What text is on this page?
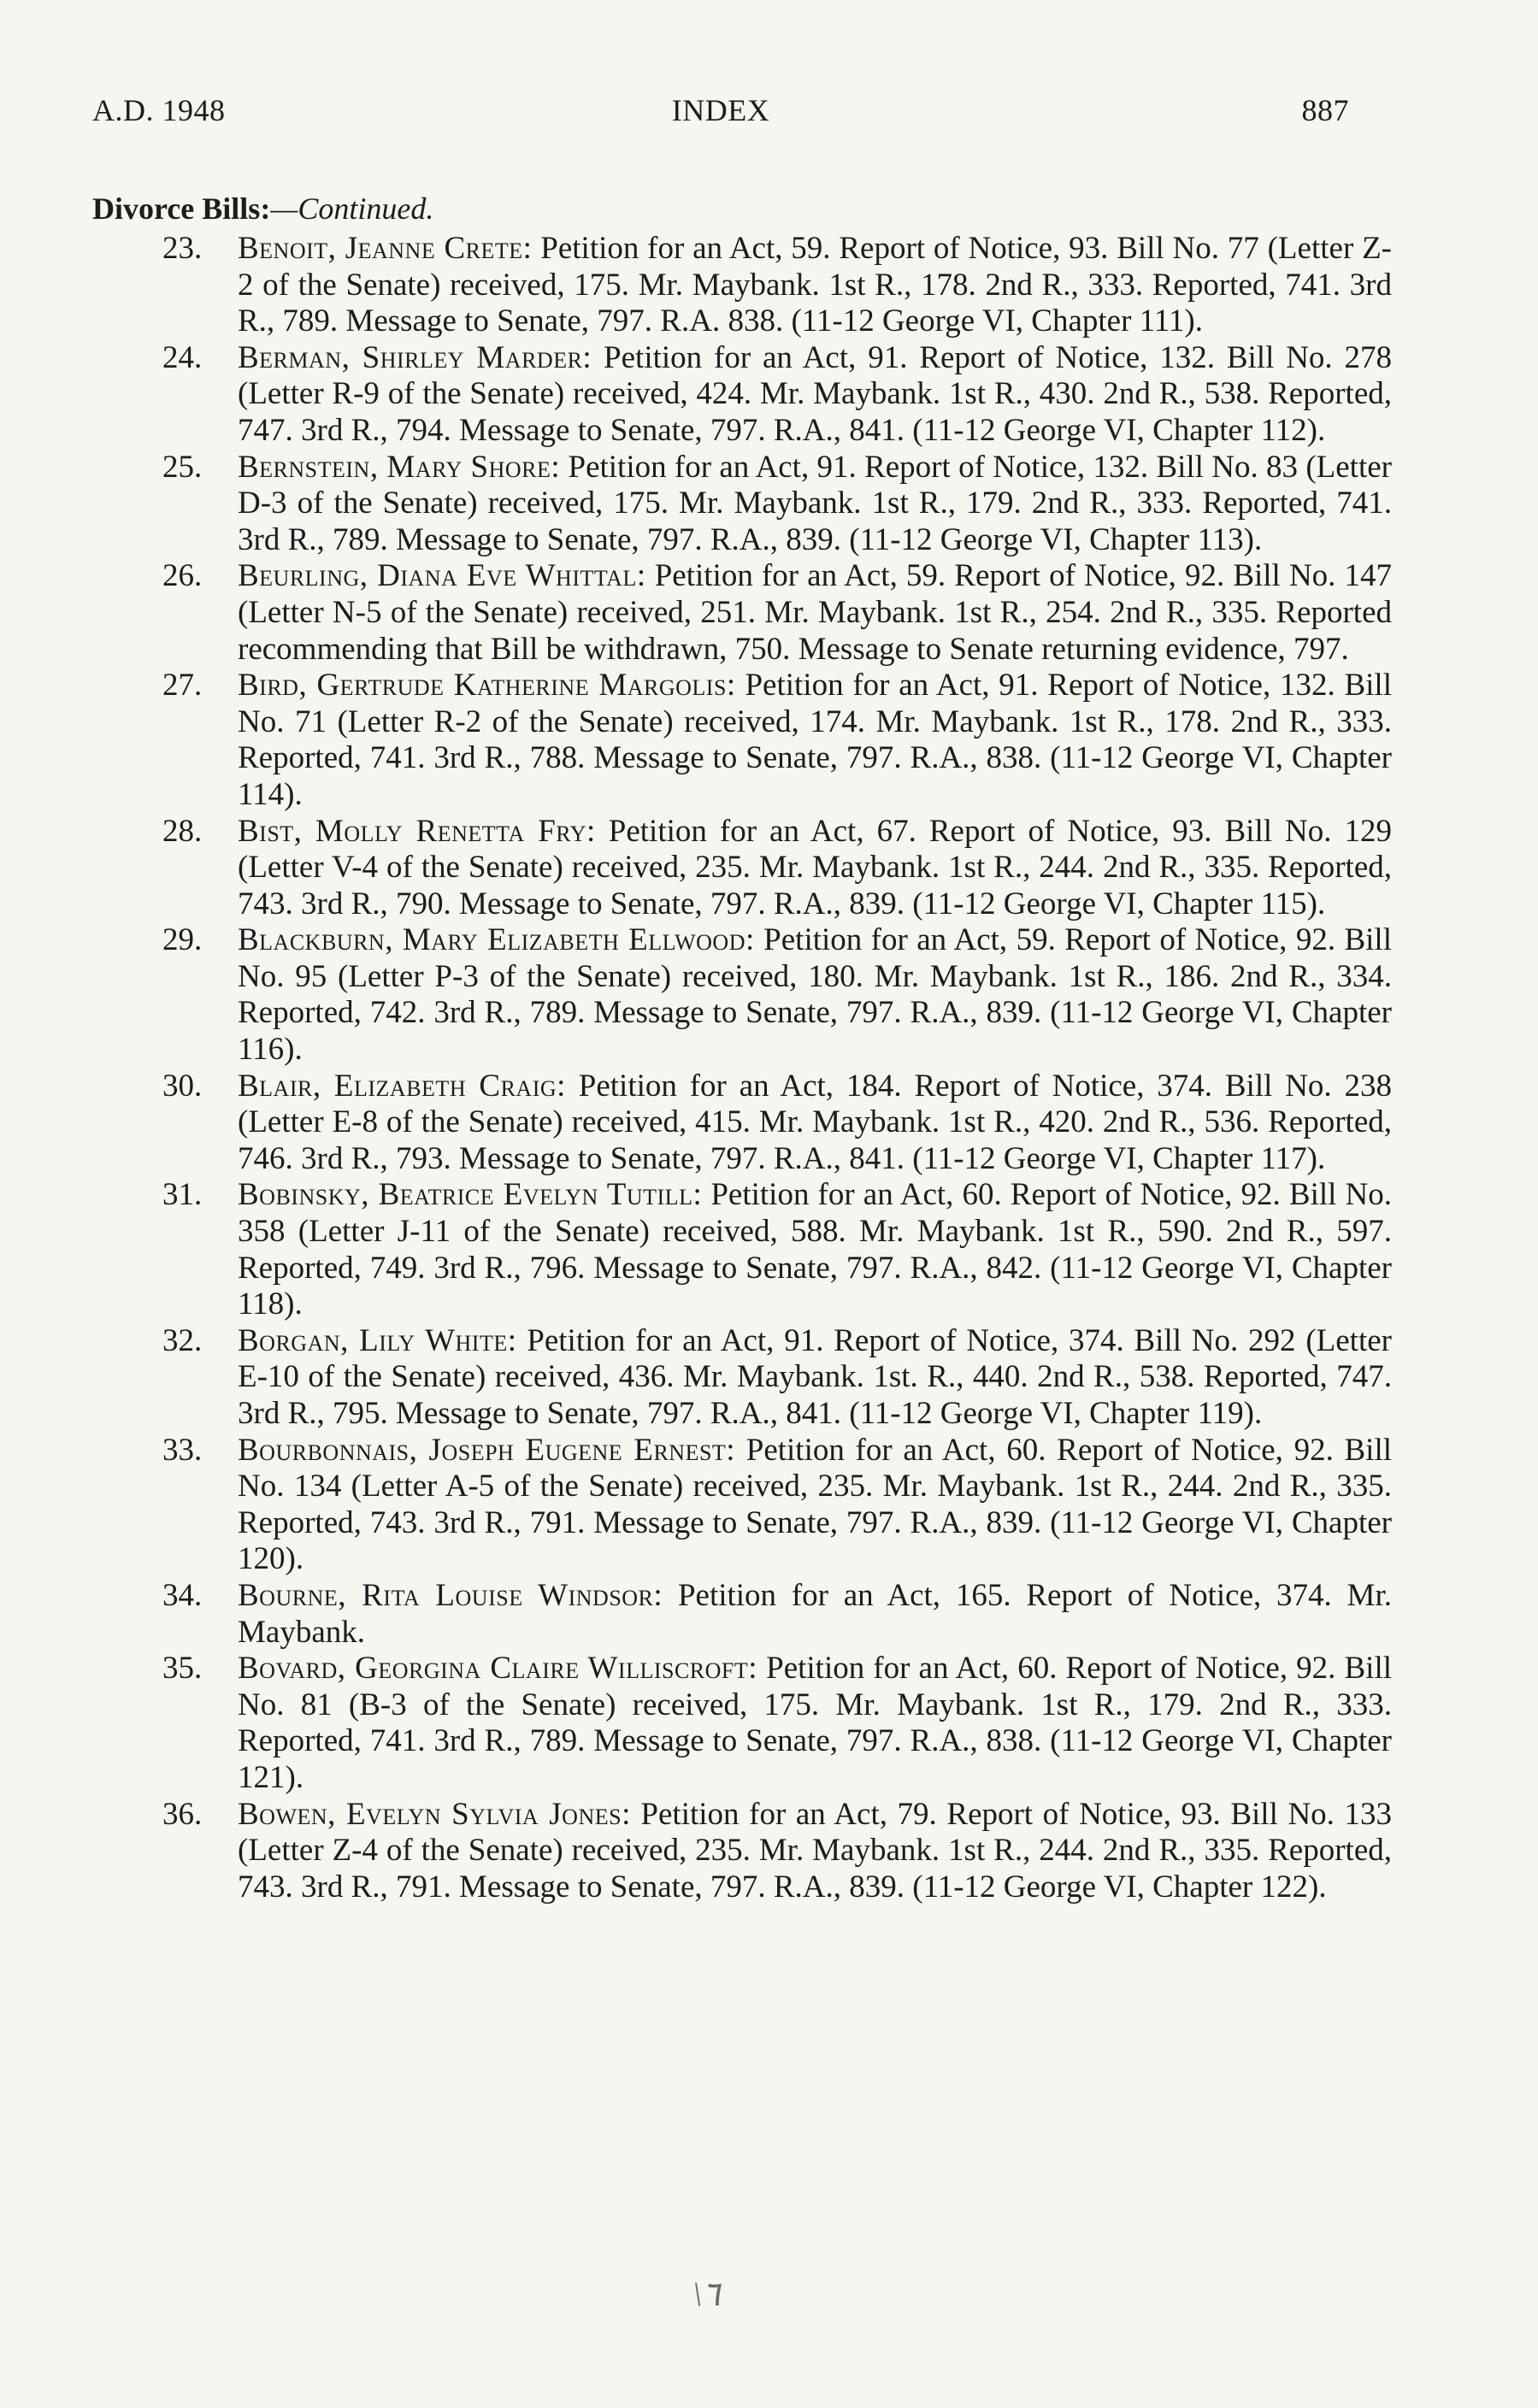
A.D. 1948	INDEX	887
Divorce Bills:—Continued.
23. Benoit, Jeanne Crete: Petition for an Act, 59. Report of Notice, 93. Bill No. 77 (Letter Z-2 of the Senate) received, 175. Mr. Maybank. 1st R., 178. 2nd R., 333. Reported, 741. 3rd R., 789. Message to Senate, 797. R.A. 838. (11-12 George VI, Chapter 111).
24. Berman, Shirley Marder: Petition for an Act, 91. Report of Notice, 132. Bill No. 278 (Letter R-9 of the Senate) received, 424. Mr. Maybank. 1st R., 430. 2nd R., 538. Reported, 747. 3rd R., 794. Message to Senate, 797. R.A., 841. (11-12 George VI, Chapter 112).
25. Bernstein, Mary Shore: Petition for an Act, 91. Report of Notice, 132. Bill No. 83 (Letter D-3 of the Senate) received, 175. Mr. Maybank. 1st R., 179. 2nd R., 333. Reported, 741. 3rd R., 789. Message to Senate, 797. R.A., 839. (11-12 George VI, Chapter 113).
26. Beurling, Diana Eve Whittal: Petition for an Act, 59. Report of Notice, 92. Bill No. 147 (Letter N-5 of the Senate) received, 251. Mr. Maybank. 1st R., 254. 2nd R., 335. Reported recommending that Bill be withdrawn, 750. Message to Senate returning evidence, 797.
27. Bird, Gertrude Katherine Margolis: Petition for an Act, 91. Report of Notice, 132. Bill No. 71 (Letter R-2 of the Senate) received, 174. Mr. Maybank. 1st R., 178. 2nd R., 333. Reported, 741. 3rd R., 788. Message to Senate, 797. R.A., 838. (11-12 George VI, Chapter 114).
28. Bist, Molly Renetta Fry: Petition for an Act, 67. Report of Notice, 93. Bill No. 129 (Letter V-4 of the Senate) received, 235. Mr. Maybank. 1st R., 244. 2nd R., 335. Reported, 743. 3rd R., 790. Message to Senate, 797. R.A., 839. (11-12 George VI, Chapter 115).
29. Blackburn, Mary Elizabeth Ellwood: Petition for an Act, 59. Report of Notice, 92. Bill No. 95 (Letter P-3 of the Senate) received, 180. Mr. Maybank. 1st R., 186. 2nd R., 334. Reported, 742. 3rd R., 789. Message to Senate, 797. R.A., 839. (11-12 George VI, Chapter 116).
30. Blair, Elizabeth Craig: Petition for an Act, 184. Report of Notice, 374. Bill No. 238 (Letter E-8 of the Senate) received, 415. Mr. Maybank. 1st R., 420. 2nd R., 536. Reported, 746. 3rd R., 793. Message to Senate, 797. R.A., 841. (11-12 George VI, Chapter 117).
31. Bobinsky, Beatrice Evelyn Tutill: Petition for an Act, 60. Report of Notice, 92. Bill No. 358 (Letter J-11 of the Senate) received, 588. Mr. Maybank. 1st R., 590. 2nd R., 597. Reported, 749. 3rd R., 796. Message to Senate, 797. R.A., 842. (11-12 George VI, Chapter 118).
32. Borgan, Lily White: Petition for an Act, 91. Report of Notice, 374. Bill No. 292 (Letter E-10 of the Senate) received, 436. Mr. Maybank. 1st. R., 440. 2nd R., 538. Reported, 747. 3rd R., 795. Message to Senate, 797. R.A., 841. (11-12 George VI, Chapter 119).
33. Bourbonnais, Joseph Eugene Ernest: Petition for an Act, 60. Report of Notice, 92. Bill No. 134 (Letter A-5 of the Senate) received, 235. Mr. Maybank. 1st R., 244. 2nd R., 335. Reported, 743. 3rd R., 791. Message to Senate, 797. R.A., 839. (11-12 George VI, Chapter 120).
34. Bourne, Rita Louise Windsor: Petition for an Act, 165. Report of Notice, 374. Mr. Maybank.
35. Bovard, Georgina Claire Williscroft: Petition for an Act, 60. Report of Notice, 92. Bill No. 81 (B-3 of the Senate) received, 175. Mr. Maybank. 1st R., 179. 2nd R., 333. Reported, 741. 3rd R., 789. Message to Senate, 797. R.A., 838. (11-12 George VI, Chapter 121).
36. Bowen, Evelyn Sylvia Jones: Petition for an Act, 79. Report of Notice, 93. Bill No. 133 (Letter Z-4 of the Senate) received, 235. Mr. Maybank. 1st R., 244. 2nd R., 335. Reported, 743. 3rd R., 791. Message to Senate, 797. R.A., 839. (11-12 George VI, Chapter 122).
\٦
